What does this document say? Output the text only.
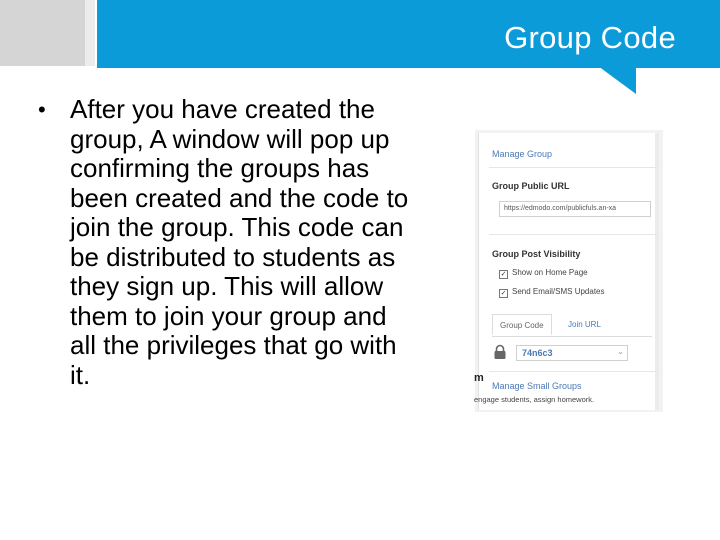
Group Code
• After you have created the group, A window will pop up confirming the groups has been created and the code to join the group. This code can be distributed to students as they sign up. This will allow them to join your group and all the privileges that go with it.

Manage Group
Group Public URL
https://edmodo.com/publicfuls.an-xa
Group Post Visibility
✓ Show on Home Page
✓ Send Email/SMS Updates
Group Code	Join URL
74n6c3	⌄
Manage Small Groups
m
engage students, assign homework.
